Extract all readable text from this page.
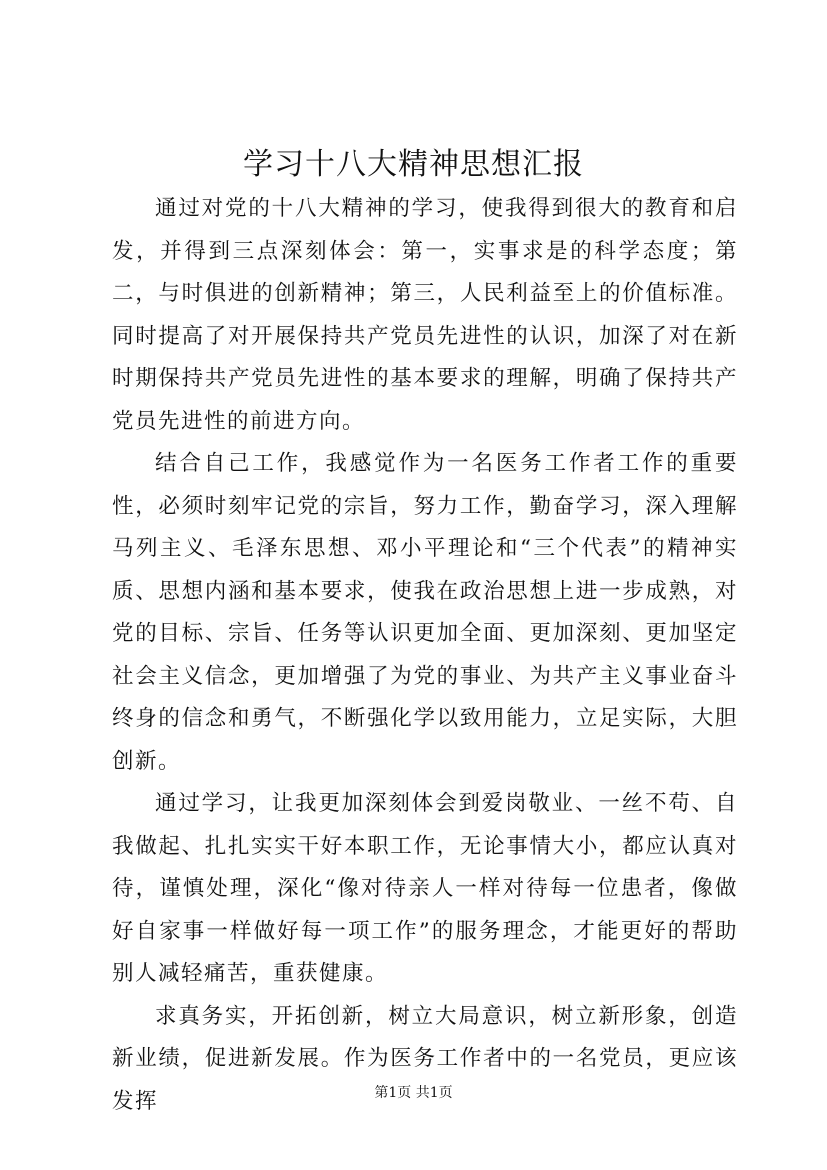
学习十八大精神思想汇报

通过对党的十八大精神的学习，使我得到很大的教育和启发，并得到三点深刻体会：第一，实事求是的科学态度；第二，与时俱进的创新精神；第三，人民利益至上的价值标准。同时提高了对开展保持共产党员先进性的认识，加深了对在新时期保持共产党员先进性的基本要求的理解，明确了保持共产党员先进性的前进方向。

结合自己工作，我感觉作为一名医务工作者工作的重要性，必须时刻牢记党的宗旨，努力工作，勤奋学习，深入理解马列主义、毛泽东思想、邓小平理论和“三个代表”的精神实质、思想内涵和基本要求，使我在政治思想上进一步成熟，对党的目标、宗旨、任务等认识更加全面、更加深刻、更加坚定社会主义信念，更加增强了为党的事业、为共产主义事业奋斗终身的信念和勇气，不断强化学以致用能力，立足实际，大胆创新。

通过学习，让我更加深刻体会到爱岗敬业、一丝不苟、自我做起、扎扎实实干好本职工作，无论事情大小，都应认真对待，谨慎处理，深化“像对待亲人一样对待每一位患者，像做好自家事一样做好每一项工作”的服务理念，才能更好的帮助别人减轻痛苦，重获健康。

求真务实，开拓创新，树立大局意识，树立新形象，创造新业绩，促进新发展。作为医务工作者中的一名党员，更应该发挥	第1页 共1页
